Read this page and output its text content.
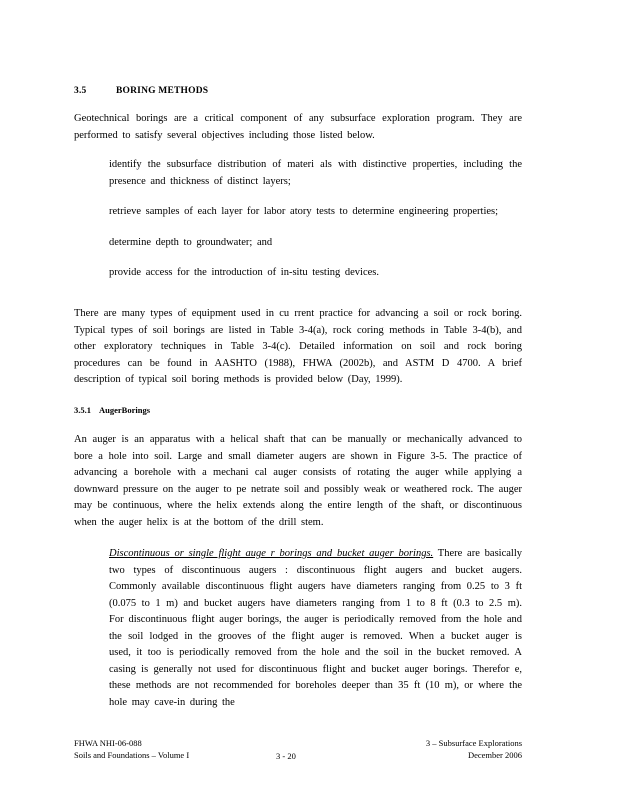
3.5	BORING METHODS

Geotechnical borings are a critical component of any subsurface exploration program. They are performed to satisfy several objectives including those listed below.

identify the subsurface distribution of materi als with distinctive properties, including the presence and thickness of distinct layers;
retrieve samples of each layer for labor atory tests to determine engineering properties;
determine depth to groundwater; and
provide access for the introduction of in-situ testing devices.

There are many types of equipment used in cu rrent practice for advancing a soil or rock boring. Typical types of soil borings are listed in Table 3-4(a), rock coring methods in Table 3-4(b), and other exploratory techniques in Table 3-4(c). Detailed information on soil and rock boring procedures can be found in AASHTO (1988), FHWA (2002b), and ASTM D 4700. A brief description of typical soil boring methods is provided below (Day, 1999).

3.5.1 AugerBorings

An auger is an apparatus with a helical shaft that can be manually or mechanically advanced to bore a hole into soil. Large and small diameter augers are shown in Figure 3-5. The practice of advancing a borehole with a mechani cal auger consists of rotating the auger while applying a downward pressure on the auger to pe netrate soil and possibly weak or weathered rock. The auger may be continuous, where the helix extends along the entire length of the shaft, or discontinuous when the auger helix is at the bottom of the drill stem.

Discontinuous or single flight auge r borings and bucket auger borings. There are basically two types of discontinuous augers : discontinuous flight augers and bucket augers. Commonly available discontinuous flight augers have diameters ranging from 0.25 to 3 ft (0.075 to 1 m) and bucket augers have diameters ranging from 1 to 8 ft (0.3 to 2.5 m). For discontinuous flight auger borings, the auger is periodically removed from the hole and the soil lodged in the grooves of the flight auger is removed. When a bucket auger is used, it too is periodically removed from the hole and the soil in the bucket removed. A casing is generally not used for discontinuous flight and bucket auger borings. Therefor e, these methods are not recommended for boreholes deeper than 35 ft (10 m), or where the hole may cave-in during the
FHWA NHI-06-088
Soils and Foundations – Volume I	3 - 20
3 – Subsurface Explorations
December 2006
